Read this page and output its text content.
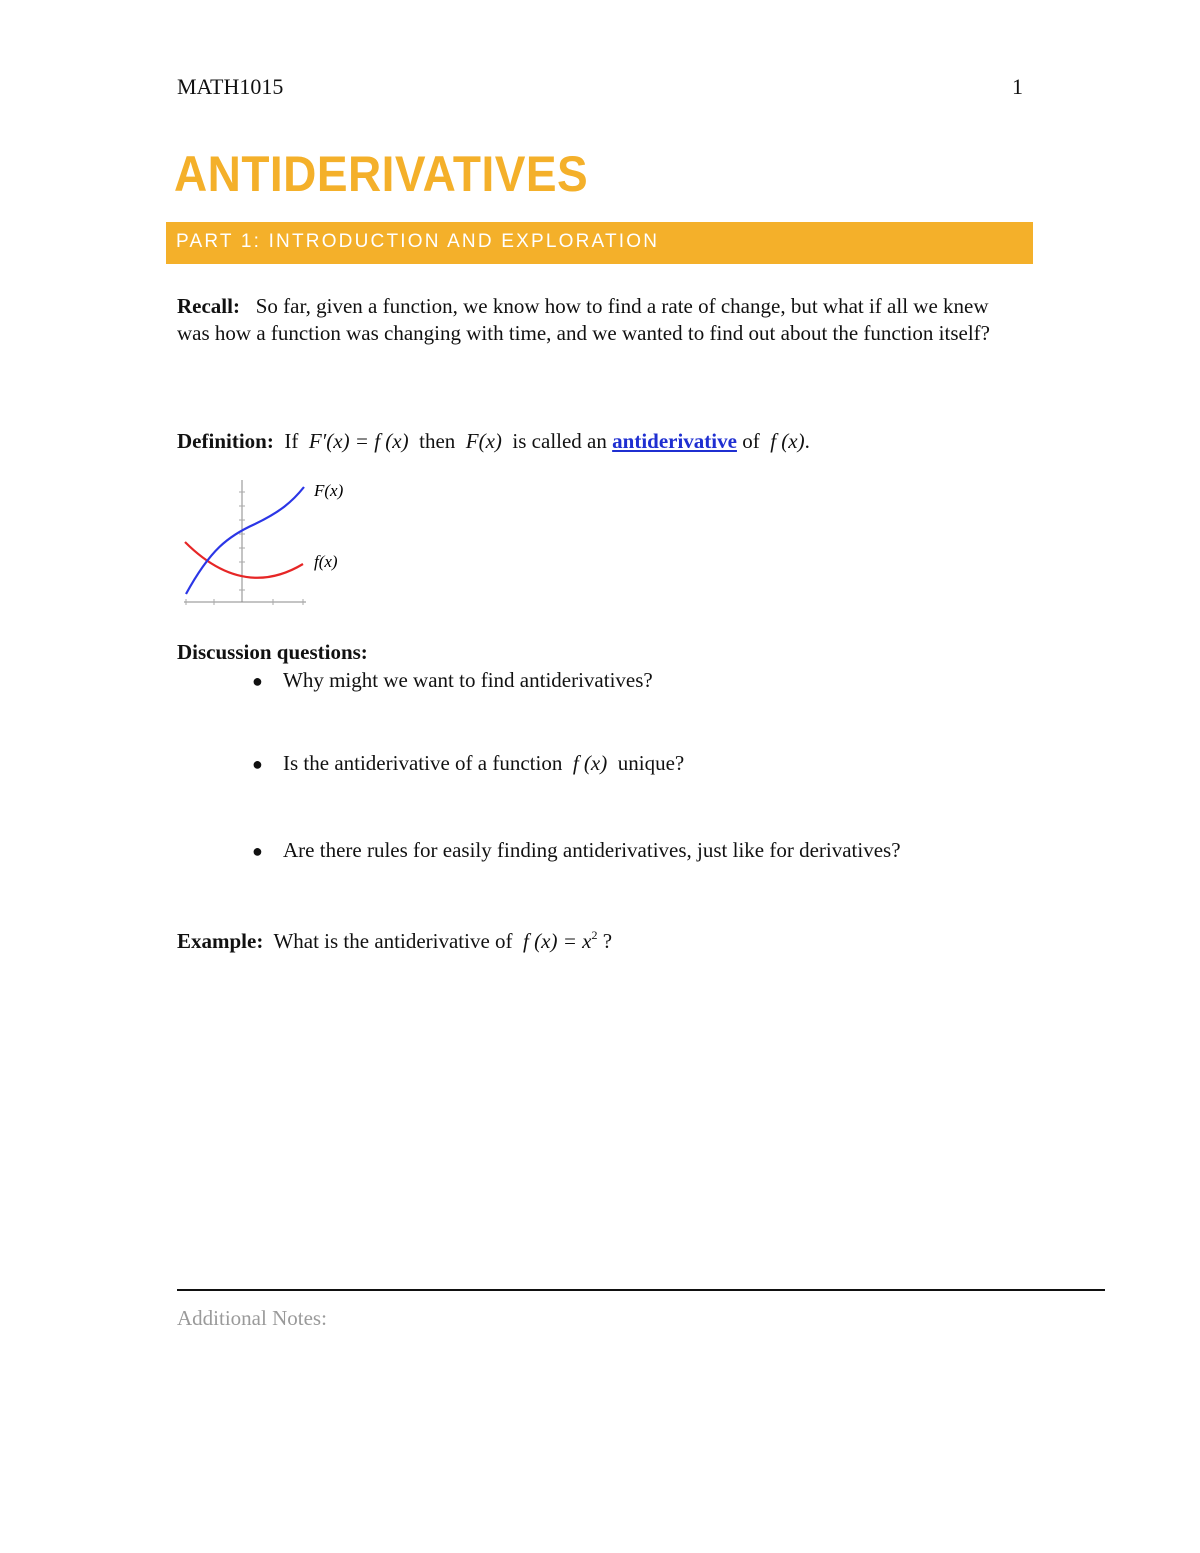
MATH1015	1
ANTIDERIVATIVES
PART 1: INTRODUCTION AND EXPLORATION
Recall: So far, given a function, we know how to find a rate of change, but what if all we knew was how a function was changing with time, and we wanted to find out about the function itself?
Definition: If F′(x) = f (x) then F(x) is called an antiderivative of f (x).
F(x)
f(x)
Discussion questions:
● Why might we want to find antiderivatives?
● Is the antiderivative of a function f (x) unique?
● Are there rules for easily finding antiderivatives, just like for derivatives?
Example: What is the antiderivative of f $(x) = x^2$ ?
Additional Notes:
